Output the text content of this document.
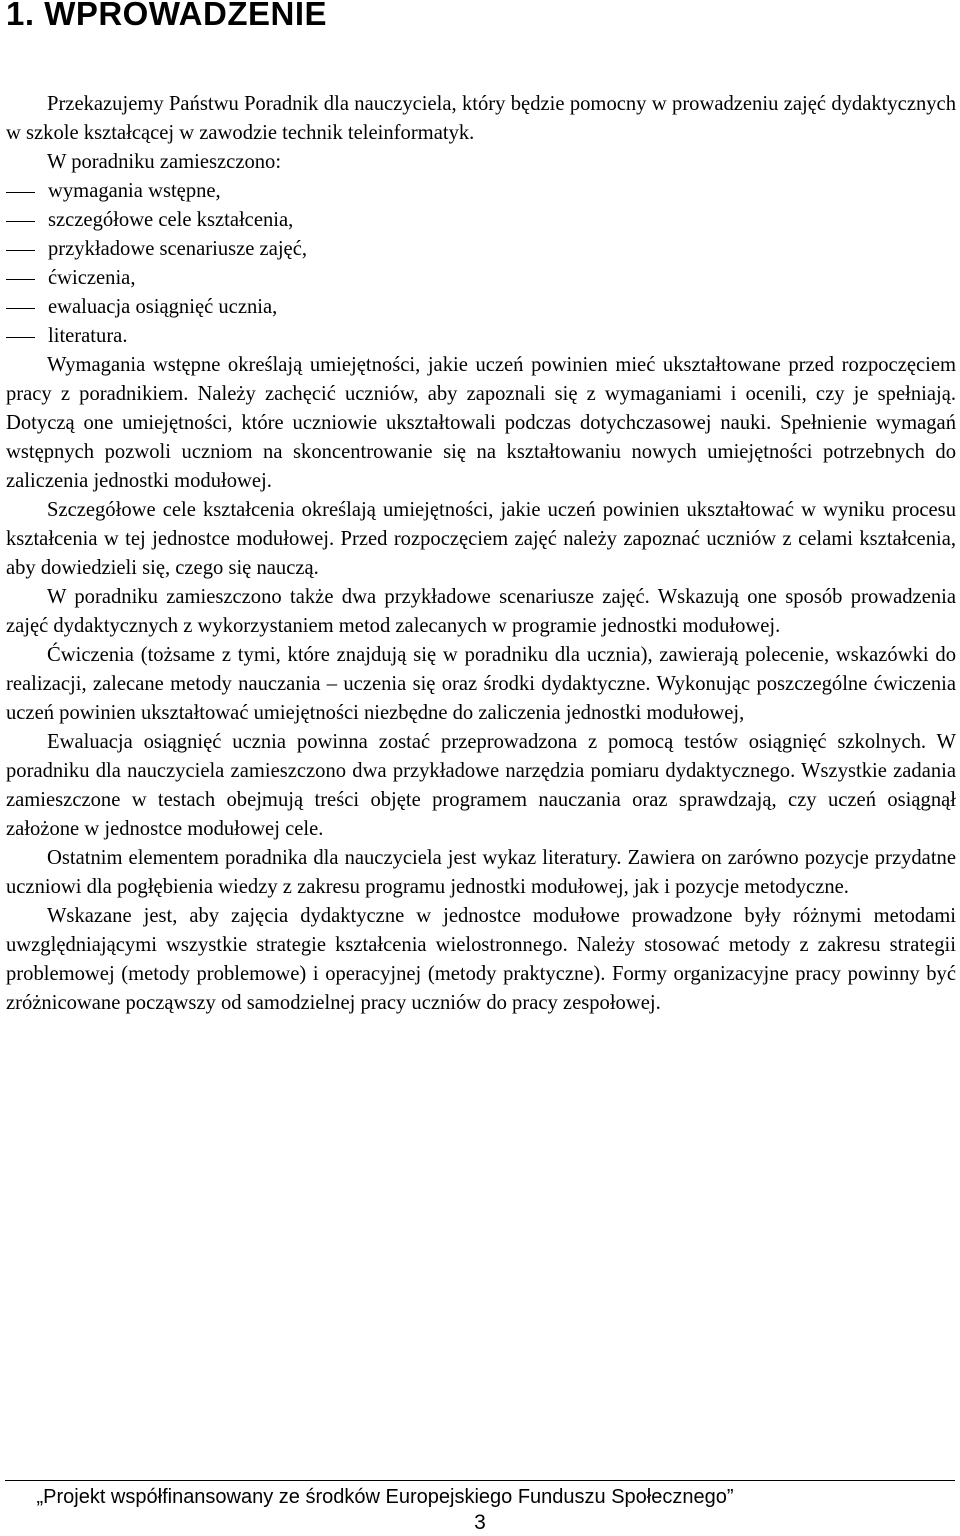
1. WPROWADZENIE

Przekazujemy Państwu Poradnik dla nauczyciela, który będzie pomocny w prowadzeniu zajęć dydaktycznych w szkole kształcącej w zawodzie technik teleinformatyk.

W poradniku zamieszczono:

wymagania wstępne,
szczegółowe cele kształcenia,
przykładowe scenariusze zajęć,
ćwiczenia,
ewaluacja osiągnięć ucznia,
literatura.

Wymagania wstępne określają umiejętności, jakie uczeń powinien mieć ukształtowane przed rozpoczęciem pracy z poradnikiem. Należy zachęcić uczniów, aby zapoznali się z wymaganiami i ocenili, czy je spełniają. Dotyczą one umiejętności, które uczniowie ukształtowali podczas dotychczasowej nauki. Spełnienie wymagań wstępnych pozwoli uczniom na skoncentrowanie się na kształtowaniu nowych umiejętności potrzebnych do zaliczenia jednostki modułowej.

Szczegółowe cele kształcenia określają umiejętności, jakie uczeń powinien ukształtować w wyniku procesu kształcenia w tej jednostce modułowej. Przed rozpoczęciem zajęć należy zapoznać uczniów z celami kształcenia, aby dowiedzieli się, czego się nauczą.

W poradniku zamieszczono także dwa przykładowe scenariusze zajęć. Wskazują one sposób prowadzenia zajęć dydaktycznych z wykorzystaniem metod zalecanych w programie jednostki modułowej.

Ćwiczenia (tożsame z tymi, które znajdują się w poradniku dla ucznia), zawierają polecenie, wskazówki do realizacji, zalecane metody nauczania – uczenia się oraz środki dydaktyczne. Wykonując poszczególne ćwiczenia uczeń powinien ukształtować umiejętności niezbędne do zaliczenia jednostki modułowej,

Ewaluacja osiągnięć ucznia powinna zostać przeprowadzona z pomocą testów osiągnięć szkolnych. W poradniku dla nauczyciela zamieszczono dwa przykładowe narzędzia pomiaru dydaktycznego. Wszystkie zadania zamieszczone w testach obejmują treści objęte programem nauczania oraz sprawdzają, czy uczeń osiągnął założone w jednostce modułowej cele.

Ostatnim elementem poradnika dla nauczyciela jest wykaz literatury. Zawiera on zarówno pozycje przydatne uczniowi dla pogłębienia wiedzy z zakresu programu jednostki modułowej, jak i pozycje metodyczne.

Wskazane jest, aby zajęcia dydaktyczne w jednostce modułowe prowadzone były różnymi metodami uwzględniającymi wszystkie strategie kształcenia wielostronnego. Należy stosować metody z zakresu strategii problemowej (metody problemowe) i operacyjnej (metody praktyczne). Formy organizacyjne pracy powinny być zróżnicowane począwszy od samodzielnej pracy uczniów do pracy zespołowej.

„Projekt współfinansowany ze środków Europejskiego Funduszu Społecznego”

3
